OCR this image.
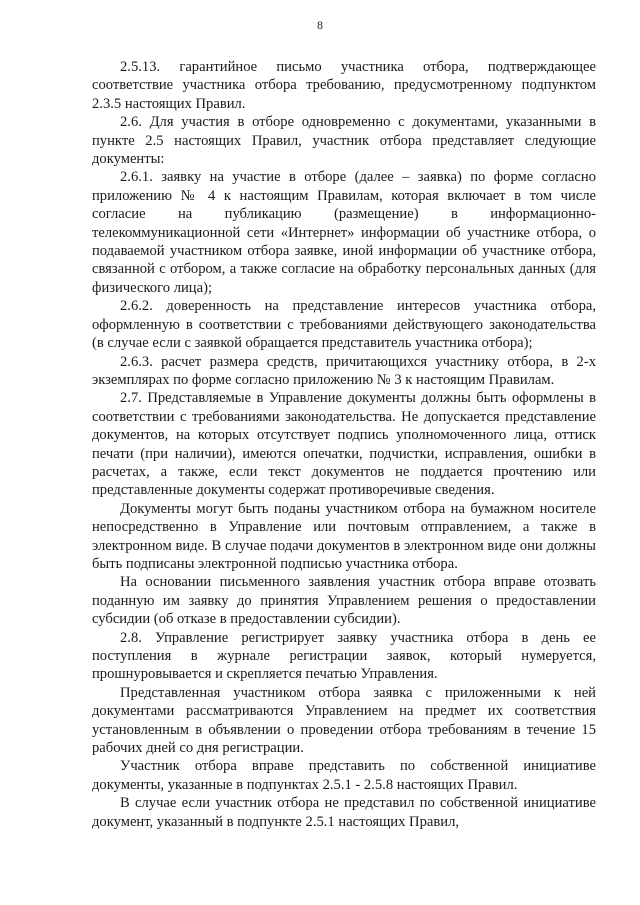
8

2.5.13. гарантийное письмо участника отбора, подтверждающее соответствие участника отбора требованию, предусмотренному подпунктом 2.3.5 настоящих Правил.

2.6. Для участия в отборе одновременно с документами, указанными в пункте 2.5 настоящих Правил, участник отбора представляет следующие документы:

2.6.1. заявку на участие в отборе (далее – заявка) по форме согласно приложению № 4 к настоящим Правилам, которая включает в том числе согласие на публикацию (размещение) в информационно-телекоммуникационной сети «Интернет» информации об участнике отбора, о подаваемой участником отбора заявке, иной информации об участнике отбора, связанной с отбором, а также согласие на обработку персональных данных (для физического лица);

2.6.2. доверенность на представление интересов участника отбора, оформленную в соответствии с требованиями действующего законодательства (в случае если с заявкой обращается представитель участника отбора);

2.6.3. расчет размера средств, причитающихся участнику отбора, в 2-х экземплярах по форме согласно приложению № 3 к настоящим Правилам.

2.7. Представляемые в Управление документы должны быть оформлены в соответствии с требованиями законодательства. Не допускается представление документов, на которых отсутствует подпись уполномоченного лица, оттиск печати (при наличии), имеются опечатки, подчистки, исправления, ошибки в расчетах, а также, если текст документов не поддается прочтению или представленные документы содержат противоречивые сведения.

Документы могут быть поданы участником отбора на бумажном носителе непосредственно в Управление или почтовым отправлением, а также в электронном виде. В случае подачи документов в электронном виде они должны быть подписаны электронной подписью участника отбора.

На основании письменного заявления участник отбора вправе отозвать поданную им заявку до принятия Управлением решения о предоставлении субсидии (об отказе в предоставлении субсидии).

2.8. Управление регистрирует заявку участника отбора в день ее поступления в журнале регистрации заявок, который нумеруется, прошнуровывается и скрепляется печатью Управления.

Представленная участником отбора заявка с приложенными к ней документами рассматриваются Управлением на предмет их соответствия установленным в объявлении о проведении отбора требованиям в течение 15 рабочих дней со дня регистрации.

Участник отбора вправе представить по собственной инициативе документы, указанные в подпунктах 2.5.1 - 2.5.8 настоящих Правил.

В случае если участник отбора не представил по собственной инициативе документ, указанный в подпункте 2.5.1 настоящих Правил,
